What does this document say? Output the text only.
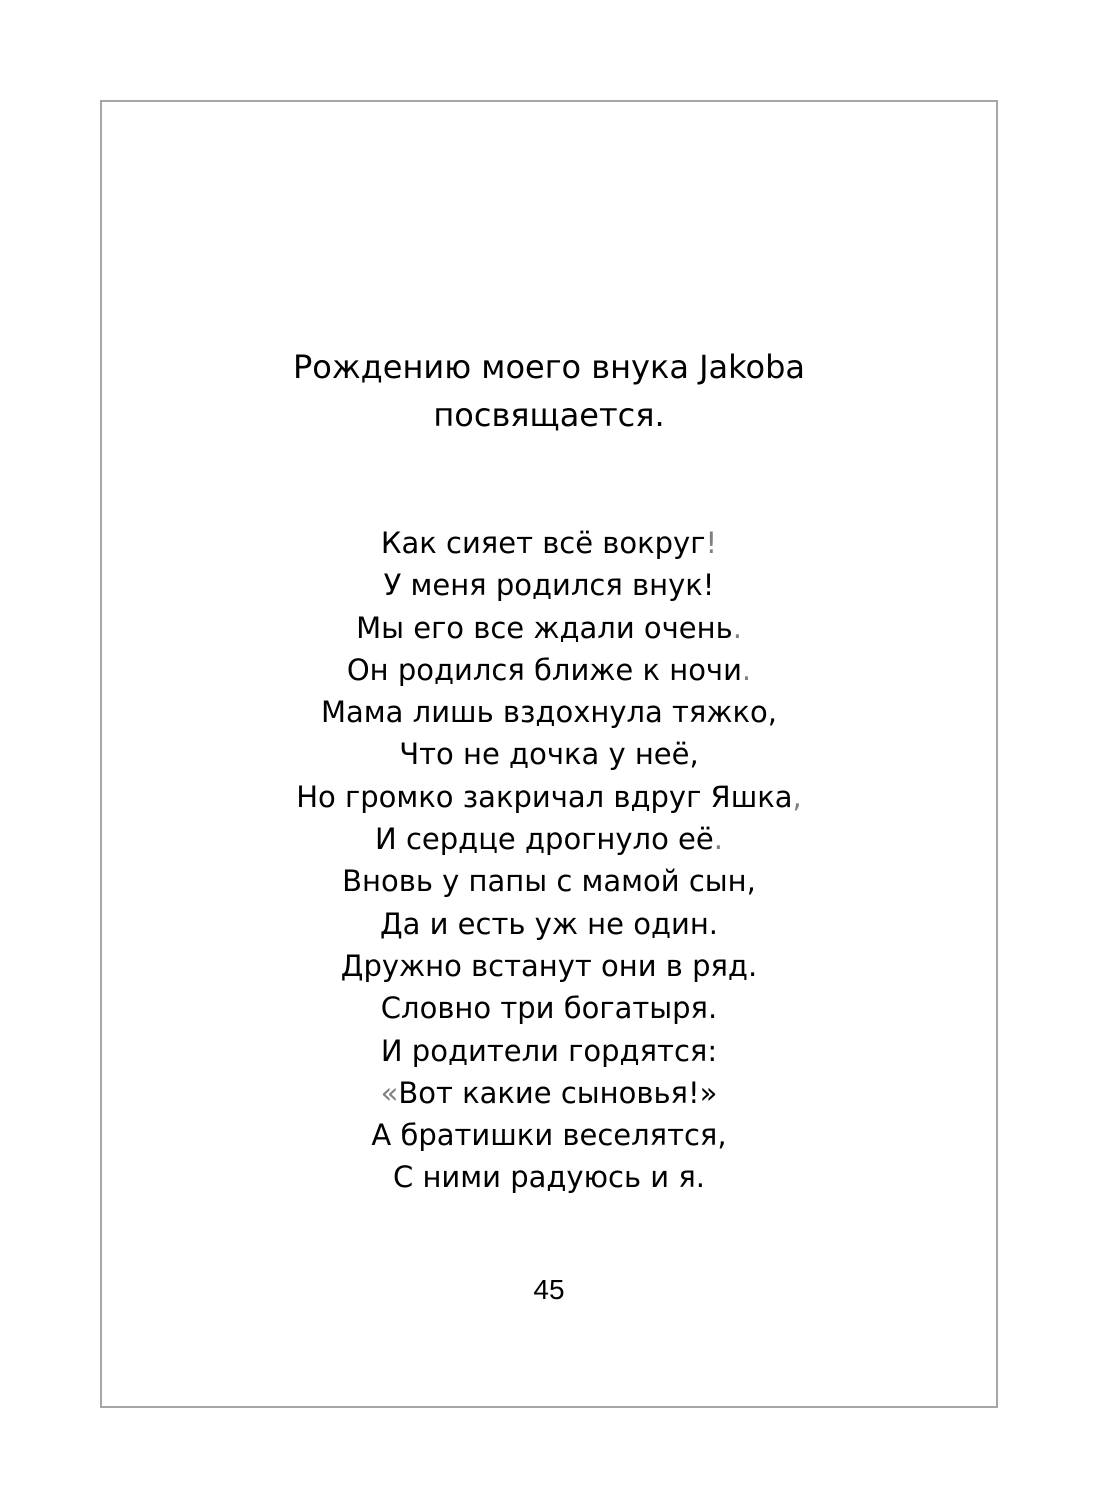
Рождению моего внука Jakoba
посвящается.
Как сияет всё вокруг!
У меня родился внук!
Мы его все ждали очень.
Он родился ближе к ночи.
Мама лишь вздохнула тяжко,
Что не дочка у неё,
Но громко закричал вдруг Яшка,
И сердце дрогнуло её.
Вновь у папы с мамой сын,
Да и есть уж не один.
Дружно встанут они в ряд.
Словно три богатыря.
И родители гордятся:
«Вот какие сыновья!»
А братишки веселятся,
С ними радуюсь и я.
45
